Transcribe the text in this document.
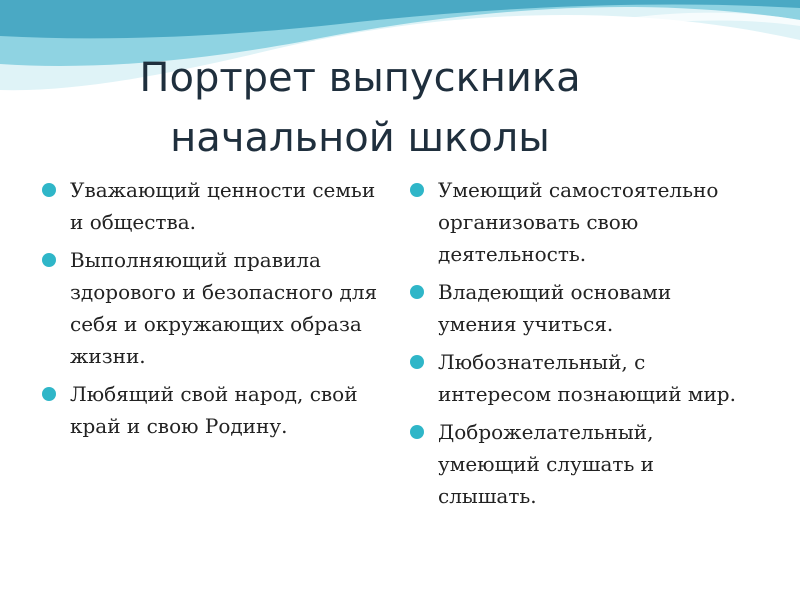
Портрет выпускника
начальной школы
Уважающий ценности семьи и общества.
Выполняющий правила здорового и безопасного для себя и окружающих образа жизни.
Любящий свой народ, свой край и свою Родину.
Умеющий самостоятельно организовать свою деятельность.
Владеющий основами умения учиться.
Любознательный, с интересом познающий мир.
Доброжелательный, умеющий слушать и слышать.
